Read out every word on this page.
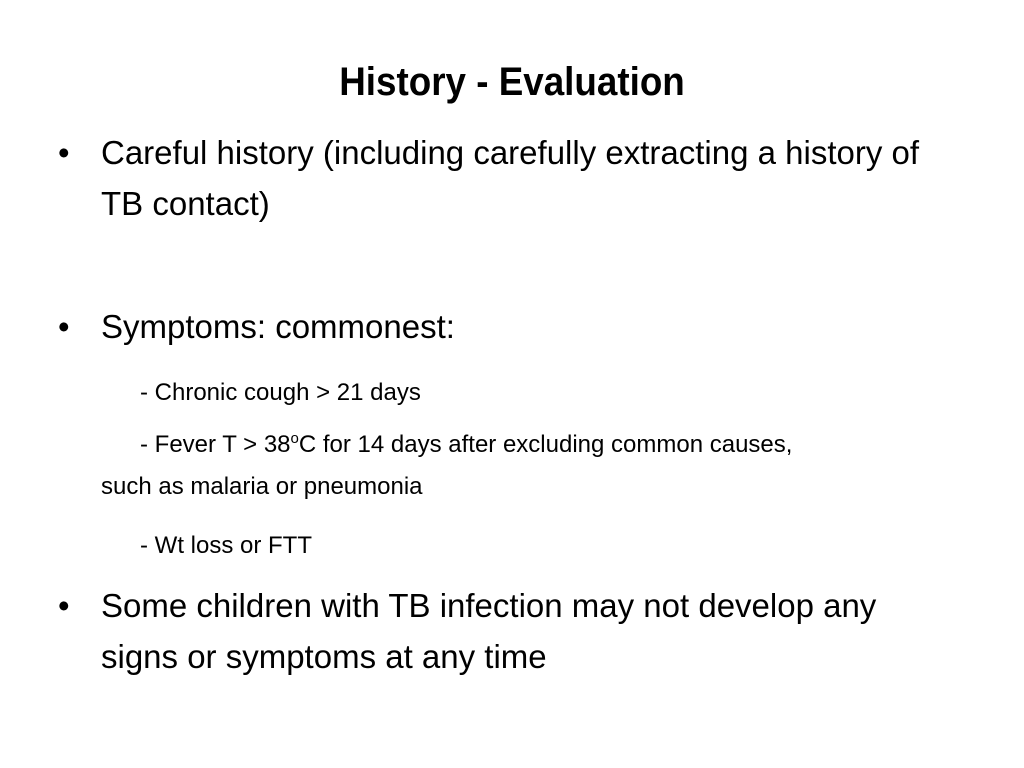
History - Evaluation
• Careful history (including carefully extracting a history of TB contact)
• Symptoms: commonest:
- Chronic cough > 21 days
- Fever $T > 38^oC$ for 14 days after excluding common causes,
such as malaria or pneumonia
- Wt loss or FTT
• Some children with TB infection may not develop any signs or symptoms at any time
